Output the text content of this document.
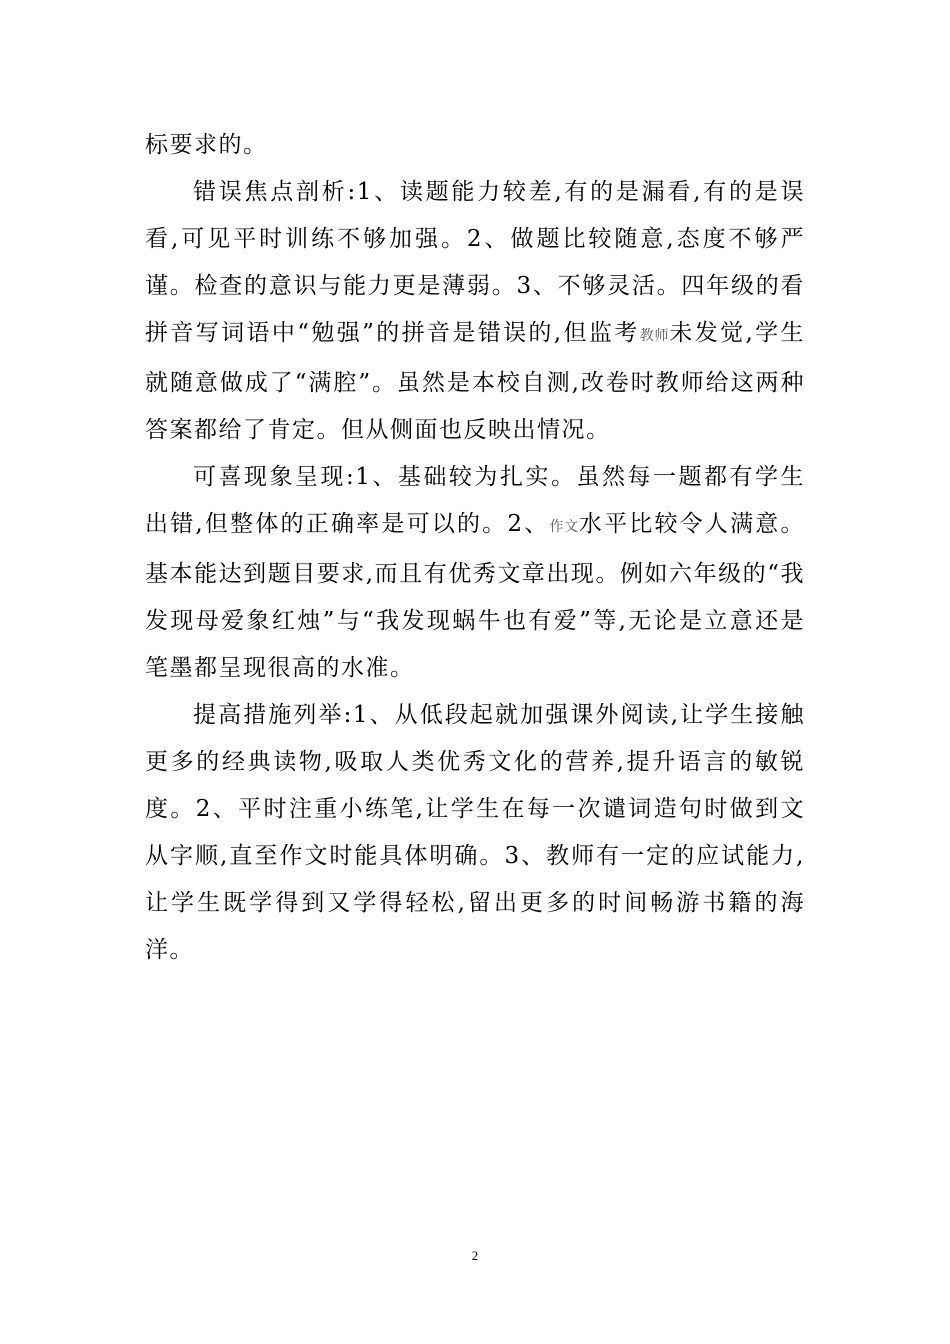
标要求的。

错误焦点剖析:1、读题能力较差,有的是漏看,有的是误看,可见平时训练不够加强。2、做题比较随意,态度不够严谨。检查的意识与能力更是薄弱。3、不够灵活。四年级的看拼音写词语中“勉强”的拼音是错误的,但监考教师未发觉,学生就随意做成了“满腔”。虽然是本校自测,改卷时教师给这两种答案都给了肯定。但从侧面也反映出情况。

可喜现象呈现:1、基础较为扎实。虽然每一题都有学生出错,但整体的正确率是可以的。2、作文水平比较令人满意。基本能达到题目要求,而且有优秀文章出现。例如六年级的“我发现母爱象红烛”与“我发现蜗牛也有爱”等,无论是立意还是笔墨都呈现很高的水准。

提高措施列举:1、从低段起就加强课外阅读,让学生接触更多的经典读物,吸取人类优秀文化的营养,提升语言的敏锐度。2、平时注重小练笔,让学生在每一次谴词造句时做到文从字顺,直至作文时能具体明确。3、教师有一定的应试能力,让学生既学得到又学得轻松,留出更多的时间畅游书籍的海洋。

2
